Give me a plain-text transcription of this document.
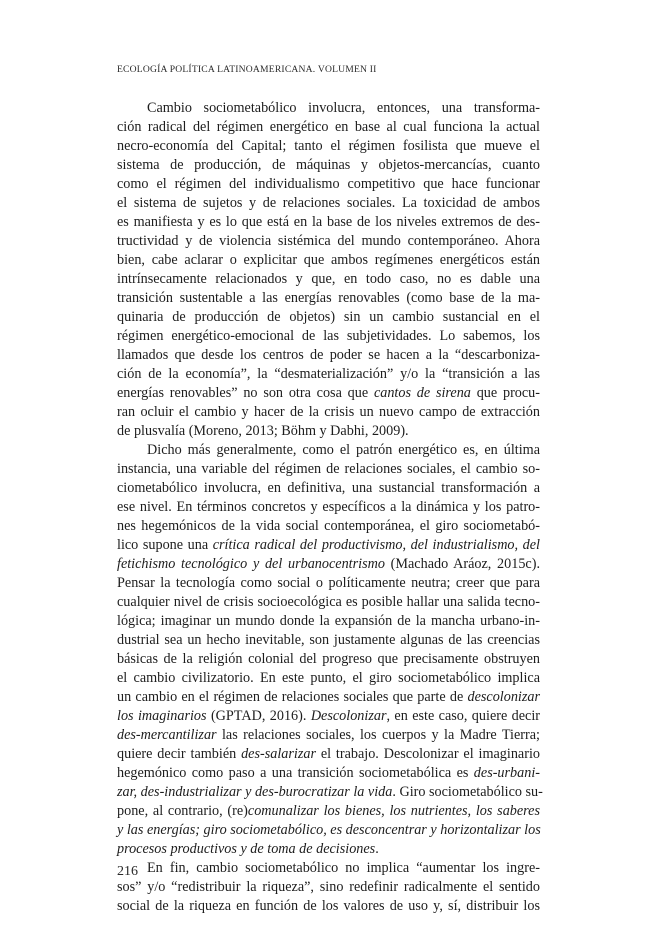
ECOLOGÍA POLÍTICA LATINOAMERICANA. VOLUMEN II
Cambio sociometabólico involucra, entonces, una transforma-
ción radical del régimen energético en base al cual funciona la actual
necro-economía del Capital; tanto el régimen fosilista que mueve el
sistema de producción, de máquinas y objetos-mercancías, cuanto
como el régimen del individualismo competitivo que hace funcionar
el sistema de sujetos y de relaciones sociales. La toxicidad de ambos
es manifiesta y es lo que está en la base de los niveles extremos de des-
tructividad y de violencia sistémica del mundo contemporáneo. Ahora
bien, cabe aclarar o explicitar que ambos regímenes energéticos están
intrínsecamente relacionados y que, en todo caso, no es dable una
transición sustentable a las energías renovables (como base de la ma-
quinaria de producción de objetos) sin un cambio sustancial en el
régimen energético-emocional de las subjetividades. Lo sabemos, los
llamados que desde los centros de poder se hacen a la “descarboniza-
ción de la economía”, la “desmaterialización” y/o la “transición a las
energías renovables” no son otra cosa que cantos de sirena que procu-
ran ocluir el cambio y hacer de la crisis un nuevo campo de extracción
de plusvalía (Moreno, 2013; Böhm y Dabhi, 2009).
Dicho más generalmente, como el patrón energético es, en última
instancia, una variable del régimen de relaciones sociales, el cambio so-
ciometabólico involucra, en definitiva, una sustancial transformación a
ese nivel. En términos concretos y específicos a la dinámica y los patro-
nes hegemónicos de la vida social contemporánea, el giro sociometabó-
lico supone una crítica radical del productivismo, del industrialismo, del
fetichismo tecnológico y del urbanocentrismo (Machado Aráoz, 2015c).
Pensar la tecnología como social o políticamente neutra; creer que para
cualquier nivel de crisis socioecológica es posible hallar una salida tecno-
lógica; imaginar un mundo donde la expansión de la mancha urbano-in-
dustrial sea un hecho inevitable, son justamente algunas de las creencias
básicas de la religión colonial del progreso que precisamente obstruyen
el cambio civilizatorio. En este punto, el giro sociometabólico implica
un cambio en el régimen de relaciones sociales que parte de descolonizar
los imaginarios (GPTAD, 2016). Descolonizar, en este caso, quiere decir
des-mercantilizar las relaciones sociales, los cuerpos y la Madre Tierra;
quiere decir también des-salarizar el trabajo. Descolonizar el imaginario
hegemónico como paso a una transición sociometabólica es des-urbani-
zar, des-industrializar y des-burocratizar la vida. Giro sociometabólico su-
pone, al contrario, (re)comunalizar los bienes, los nutrientes, los saberes
y las energías; giro sociometabólico, es desconcentrar y horizontalizar los
procesos productivos y de toma de decisiones.
En fin, cambio sociometabólico no implica “aumentar los ingre-
sos” y/o “redistribuir la riqueza”, sino redefinir radicalmente el sentido
social de la riqueza en función de los valores de uso y, sí, distribuir los
216
